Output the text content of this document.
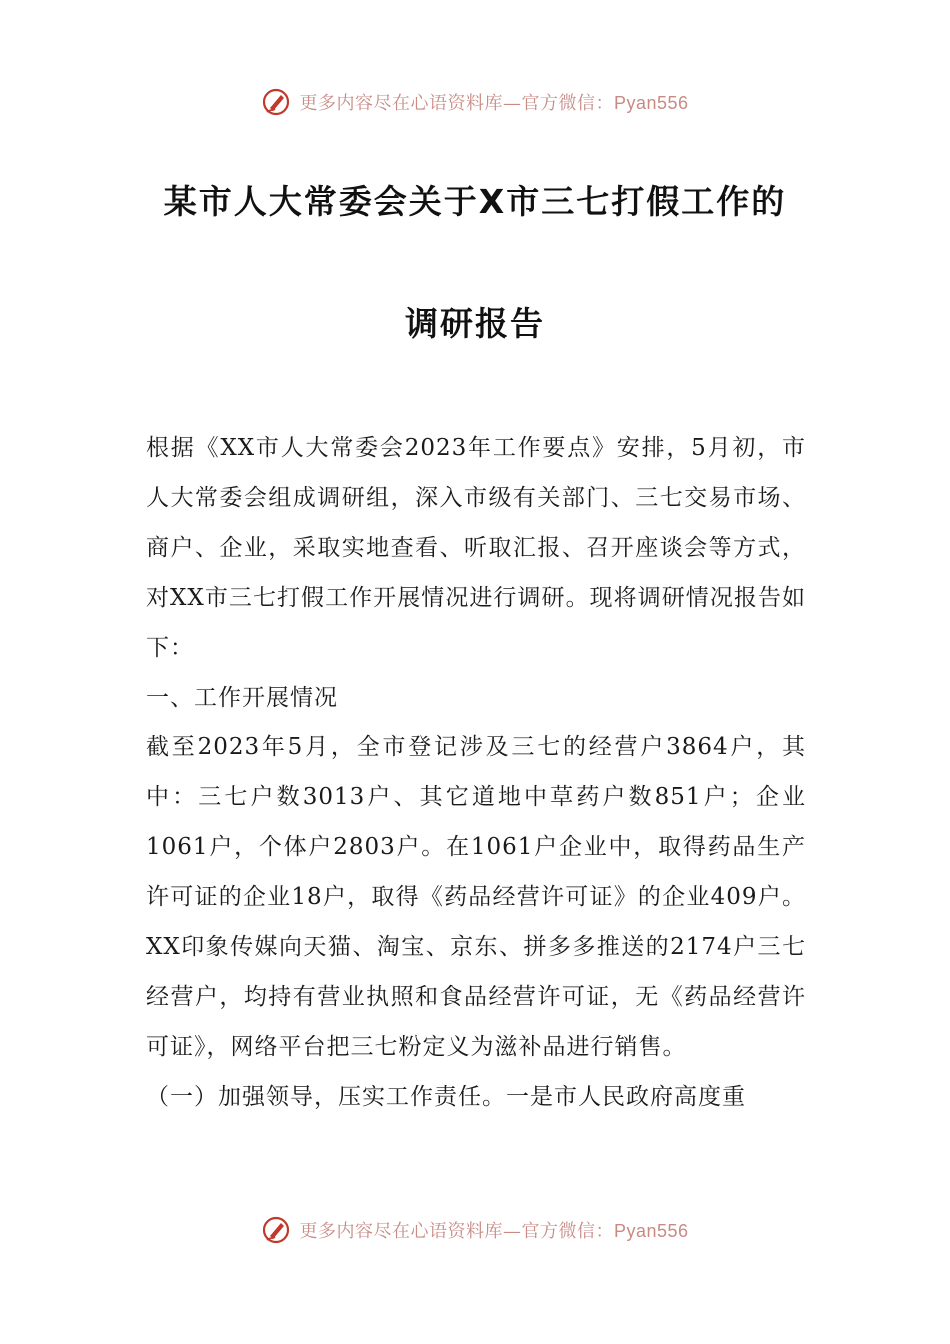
更多内容尽在心语资料库—官方微信：Pyan556
某市人大常委会关于X市三七打假工作的
调研报告

根据《XX市人大常委会2023年工作要点》安排，5月初，市人大常委会组成调研组，深入市级有关部门、三七交易市场、商户、企业，采取实地查看、听取汇报、召开座谈会等方式，对XX市三七打假工作开展情况进行调研。现将调研情况报告如下：

一、工作开展情况

截至2023年5月，全市登记涉及三七的经营户3864户，其中：三七户数3013户、其它道地中草药户数851户；企业1061户，个体户2803户。在1061户企业中，取得药品生产许可证的企业18户，取得《药品经营许可证》的企业409户。XX印象传媒向天猫、淘宝、京东、拼多多推送的2174户三七经营户，均持有营业执照和食品经营许可证，无《药品经营许可证》，网络平台把三七粉定义为滋补品进行销售。

（一）加强领导，压实工作责任。一是市人民政府高度重

更多内容尽在心语资料库—官方微信：Pyan556
